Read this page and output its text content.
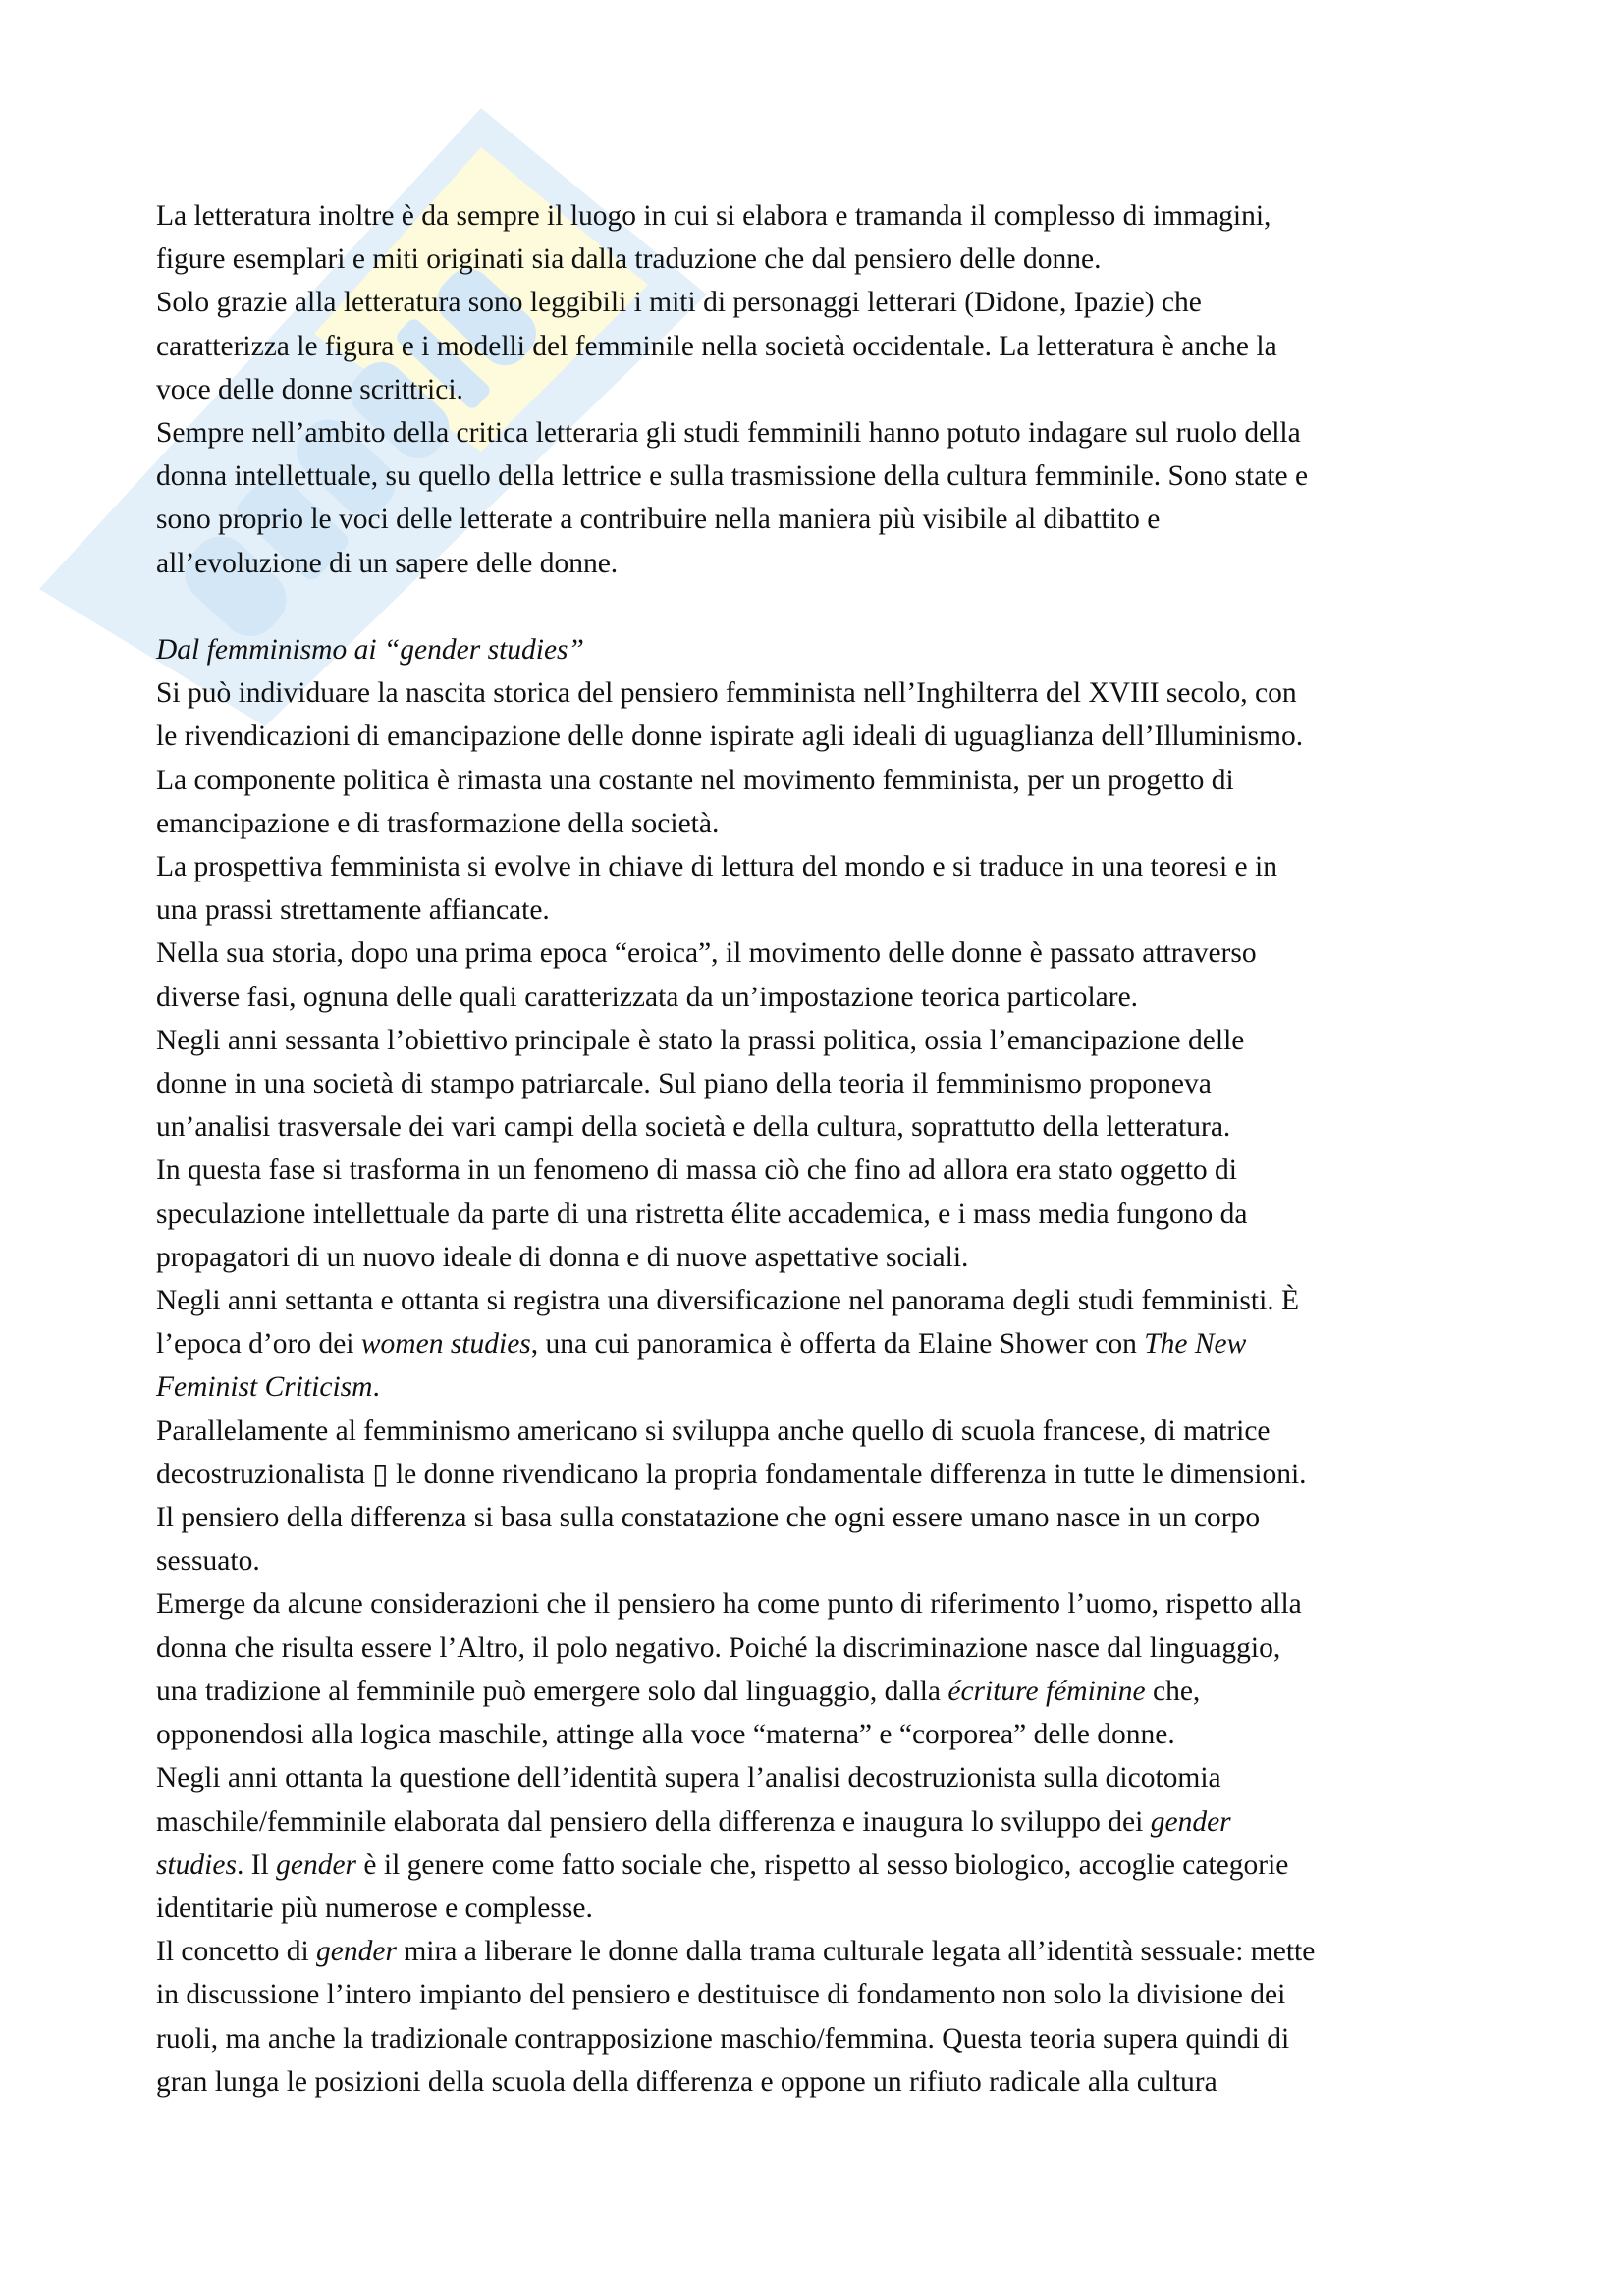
La letteratura inoltre è da sempre il luogo in cui si elabora e tramanda il complesso di immagini,
figure esemplari e miti originati sia dalla traduzione che dal pensiero delle donne.
Solo grazie alla letteratura sono leggibili i miti di personaggi letterari (Didone, Ipazie) che
caratterizza le figura e i modelli del femminile nella società occidentale. La letteratura è anche la
voce delle donne scrittrici.
Sempre nell’ambito della critica letteraria gli studi femminili hanno potuto indagare sul ruolo della
donna intellettuale, su quello della lettrice e sulla trasmissione della cultura femminile. Sono state e
sono proprio le voci delle letterate a contribuire nella maniera più visibile al dibattito e
all’evoluzione di un sapere delle donne.
Dal femminismo ai “gender studies”
Si può individuare la nascita storica del pensiero femminista nell’Inghilterra del XVIII secolo, con
le rivendicazioni di emancipazione delle donne ispirate agli ideali di uguaglianza dell’Illuminismo.
La componente politica è rimasta una costante nel movimento femminista, per un progetto di
emancipazione e di trasformazione della società.
La prospettiva femminista si evolve in chiave di lettura del mondo e si traduce in una teoresi e in
una prassi strettamente affiancate.
Nella sua storia, dopo una prima epoca “eroica”, il movimento delle donne è passato attraverso
diverse fasi, ognuna delle quali caratterizzata da un’impostazione teorica particolare.
Negli anni sessanta l’obiettivo principale è stato la prassi politica, ossia l’emancipazione delle
donne in una società di stampo patriarcale. Sul piano della teoria il femminismo proponeva
un’analisi trasversale dei vari campi della società e della cultura, soprattutto della letteratura.
In questa fase si trasforma in un fenomeno di massa ciò che fino ad allora era stato oggetto di
speculazione intellettuale da parte di una ristretta élite accademica, e i mass media fungono da
propagatori di un nuovo ideale di donna e di nuove aspettative sociali.
Negli anni settanta e ottanta si registra una diversificazione nel panorama degli studi femministi. È
l’epoca d’oro dei women studies, una cui panoramica è offerta da Elaine Shower con The New
Feminist Criticism.
Parallelamente al femminismo americano si sviluppa anche quello di scuola francese, di matrice
decostruzionalista ▯ le donne rivendicano la propria fondamentale differenza in tutte le dimensioni.
Il pensiero della differenza si basa sulla constatazione che ogni essere umano nasce in un corpo
sessuato.
Emerge da alcune considerazioni che il pensiero ha come punto di riferimento l’uomo, rispetto alla
donna che risulta essere l’Altro, il polo negativo. Poiché la discriminazione nasce dal linguaggio,
una tradizione al femminile può emergere solo dal linguaggio, dalla écriture féminine che,
opponendosi alla logica maschile, attinge alla voce “materna” e “corporea” delle donne.
Negli anni ottanta la questione dell’identità supera l’analisi decostruzionista sulla dicotomia
maschile/femminile elaborata dal pensiero della differenza e inaugura lo sviluppo dei gender
studies. Il gender è il genere come fatto sociale che, rispetto al sesso biologico, accoglie categorie
identitarie più numerose e complesse.
Il concetto di gender mira a liberare le donne dalla trama culturale legata all’identità sessuale: mette
in discussione l’intero impianto del pensiero e destituisce di fondamento non solo la divisione dei
ruoli, ma anche la tradizionale contrapposizione maschio/femmina. Questa teoria supera quindi di
gran lunga le posizioni della scuola della differenza e oppone un rifiuto radicale alla cultura
